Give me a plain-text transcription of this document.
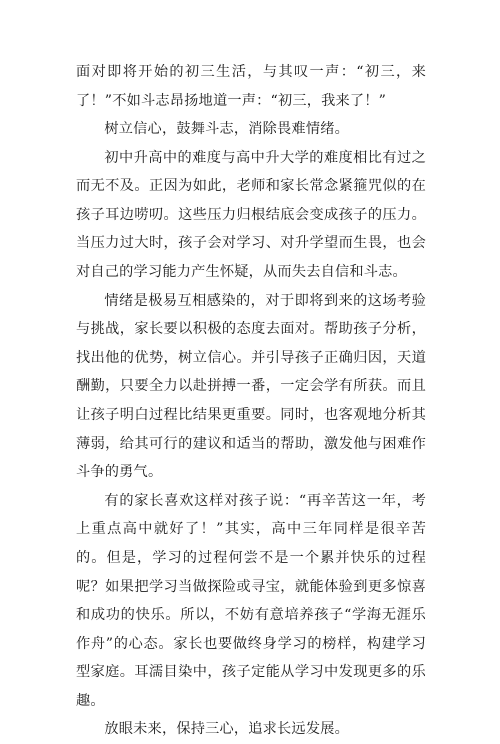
面对即将开始的初三生活，与其叹一声：“初三，来了！”不如斗志昂扬地道一声：“初三，我来了！”

树立信心，鼓舞斗志，消除畏难情绪。

初中升高中的难度与高中升大学的难度相比有过之而无不及。正因为如此，老师和家长常念紧箍咒似的在孩子耳边唠叨。这些压力归根结底会变成孩子的压力。当压力过大时，孩子会对学习、对升学望而生畏，也会对自己的学习能力产生怀疑，从而失去自信和斗志。

情绪是极易互相感染的，对于即将到来的这场考验与挑战，家长要以积极的态度去面对。帮助孩子分析，找出他的优势，树立信心。并引导孩子正确归因，天道酬勤，只要全力以赴拼搏一番，一定会学有所获。而且让孩子明白过程比结果更重要。同时，也客观地分析其薄弱，给其可行的建议和适当的帮助，激发他与困难作斗争的勇气。

有的家长喜欢这样对孩子说：“再辛苦这一年，考上重点高中就好了！”其实，高中三年同样是很辛苦的。但是，学习的过程何尝不是一个累并快乐的过程呢？如果把学习当做探险或寻宝，就能体验到更多惊喜和成功的快乐。所以，不妨有意培养孩子“学海无涯乐作舟”的心态。家长也要做终身学习的榜样，构建学习型家庭。耳濡目染中，孩子定能从学习中发现更多的乐趣。

放眼未来，保持三心，追求长远发展。
